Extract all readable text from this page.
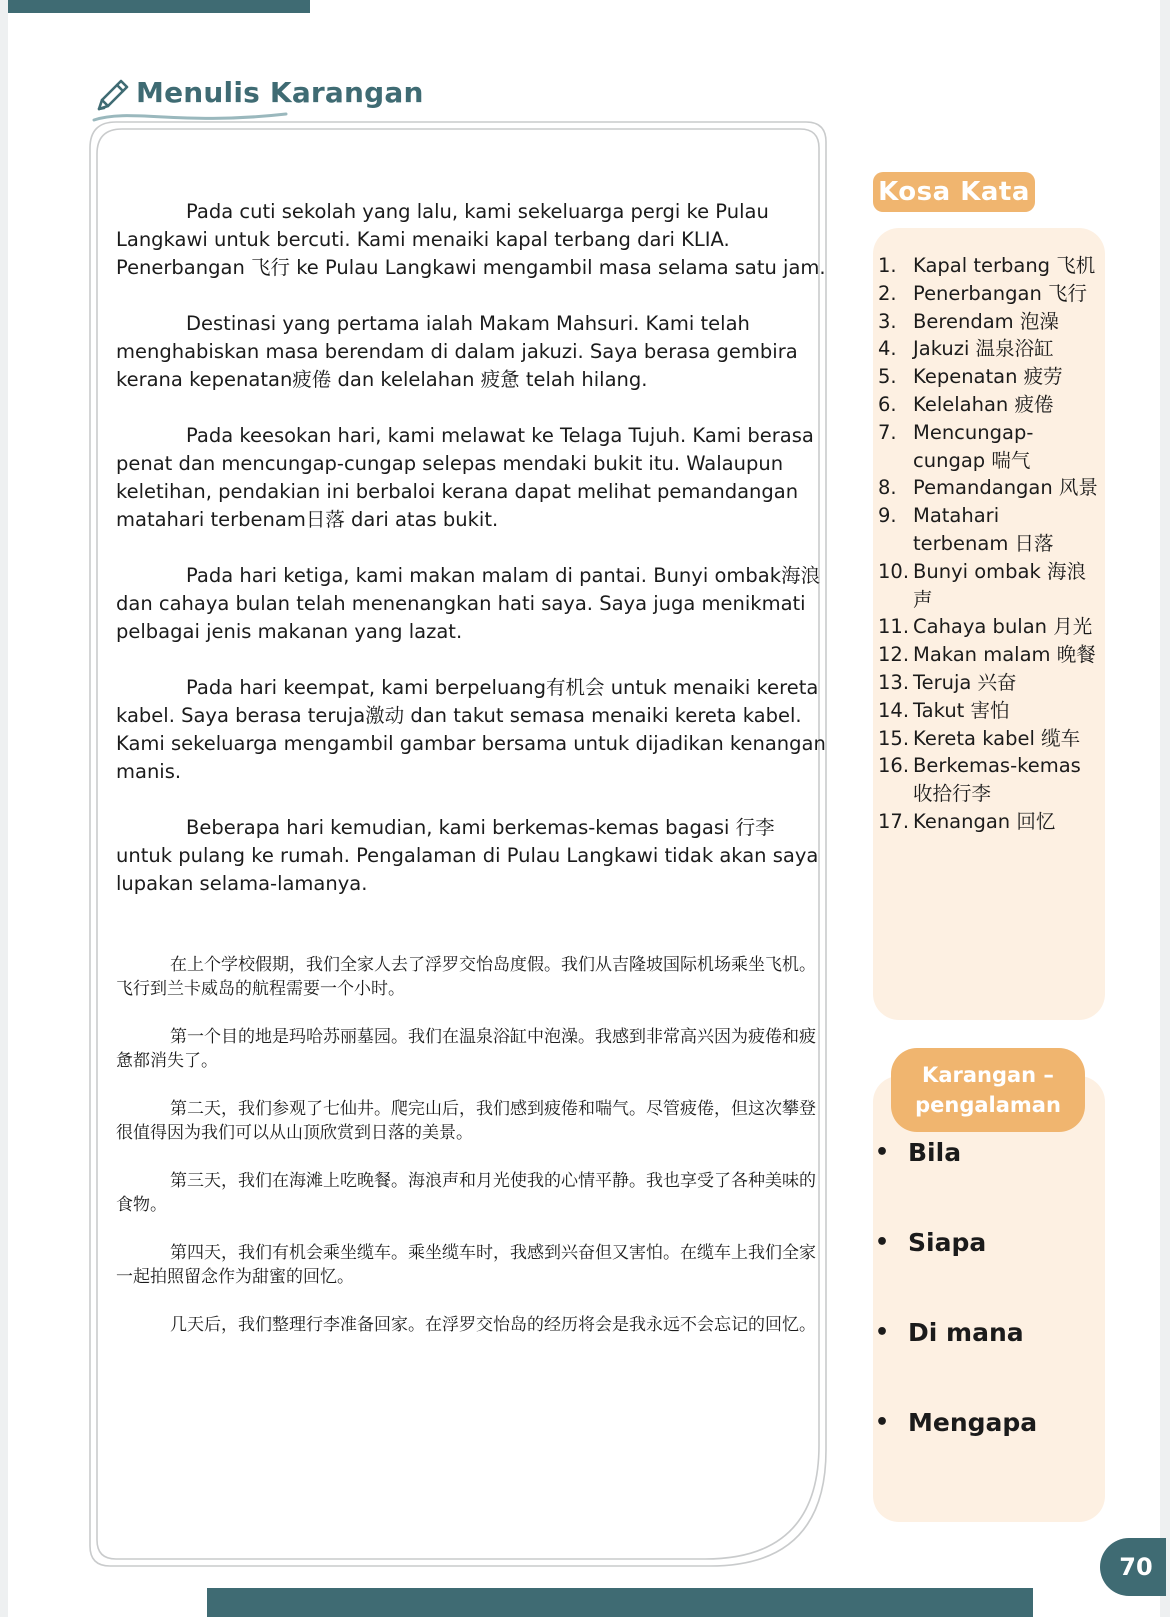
Menulis Karangan

Pada cuti sekolah yang lalu, kami sekeluarga pergi ke Pulau Langkawi untuk bercuti. Kami menaiki kapal terbang dari KLIA. Penerbangan 飞行 ke Pulau Langkawi mengambil masa selama satu jam.

Destinasi yang pertama ialah Makam Mahsuri. Kami telah menghabiskan masa berendam di dalam jakuzi. Saya berasa gembira kerana kepenatan疲倦 dan kelelahan 疲惫 telah hilang.

Pada keesokan hari, kami melawat ke Telaga Tujuh. Kami berasa penat dan mencungap-cungap selepas mendaki bukit itu. Walaupun keletihan, pendakian ini berbaloi kerana dapat melihat pemandangan matahari terbenam日落 dari atas bukit.

Pada hari ketiga, kami makan malam di pantai. Bunyi ombak海浪 dan cahaya bulan telah menenangkan hati saya. Saya juga menikmati pelbagai jenis makanan yang lazat.

Pada hari keempat, kami berpeluang有机会 untuk menaiki kereta kabel. Saya berasa teruja激动 dan takut semasa menaiki kereta kabel. Kami sekeluarga mengambil gambar bersama untuk dijadikan kenangan manis.

Beberapa hari kemudian, kami berkemas-kemas bagasi 行李 untuk pulang ke rumah. Pengalaman di Pulau Langkawi tidak akan saya lupakan selama-lamanya.

在上个学校假期，我们全家人去了浮罗交怡岛度假。我们从吉隆坡国际机场乘坐飞机。飞行到兰卡威岛的航程需要一个小时。

第一个目的地是玛哈苏丽墓园。我们在温泉浴缸中泡澡。我感到非常高兴因为疲倦和疲惫都消失了。

第二天，我们参观了七仙井。爬完山后，我们感到疲倦和喘气。尽管疲倦，但这次攀登很值得因为我们可以从山顶欣赏到日落的美景。

第三天，我们在海滩上吃晚餐。海浪声和月光使我的心情平静。我也享受了各种美味的食物。

第四天，我们有机会乘坐缆车。乘坐缆车时，我感到兴奋但又害怕。在缆车上我们全家一起拍照留念作为甜蜜的回忆。

几天后，我们整理行李准备回家。在浮罗交怡岛的经历将会是我永远不会忘记的回忆。

Kosa Kata
1. Kapal terbang 飞机
2. Penerbangan 飞行
3. Berendam 泡澡
4. Jakuzi 温泉浴缸
5. Kepenatan 疲劳
6. Kelelahan 疲倦
7. Mencungap-cungap 喘气
8. Pemandangan 风景
9. Matahari terbenam 日落
10. Bunyi ombak 海浪声
11. Cahaya bulan 月光
12. Makan malam 晚餐
13. Teruja 兴奋
14. Takut 害怕
15. Kereta kabel 缆车
16. Berkemas-kemas 收拾行李
17. Kenangan 回忆
Karangan –
pengalaman
• Bila
• Siapa
• Di mana
• Mengapa
70
